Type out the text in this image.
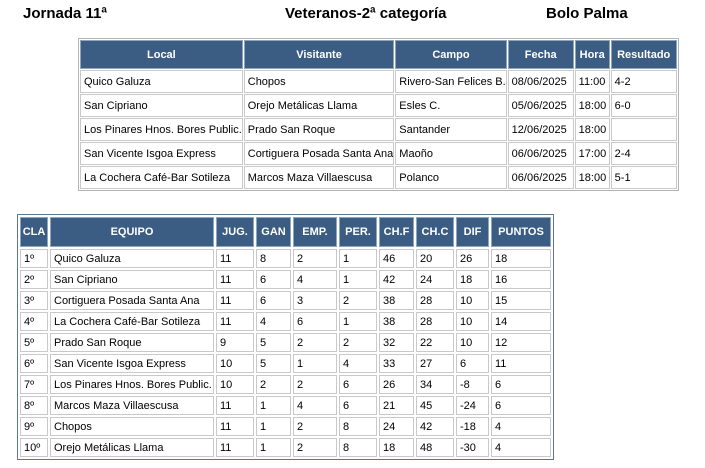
Jornada 11ª	Veteranos-2ª categoría	Bolo Palma
Local	Visitante	Campo	Fecha	Hora	Resultado
Quico Galuza	Chopos	Rivero-San Felices B.	08/06/2025	11:00	4-2
San Cipriano	Orejo Metálicas Llama	Esles C.	05/06/2025	18:00	6-0
Los Pinares Hnos. Bores Public.	Prado San Roque	Santander	12/06/2025	18:00	
San Vicente Isgoa Express	Cortiguera Posada Santa Ana	Maoño	06/06/2025	17:00	2-4
La Cochera Café-Bar Sotileza	Marcos Maza Villaescusa	Polanco	06/06/2025	18:00	5-1
CLA	EQUIPO	JUG.	GAN	EMP.	PER.	CH.F	CH.C	DIF	PUNTOS
1º	Quico Galuza	11	8	2	1	46	20	26	18
2º	San Cipriano	11	6	4	1	42	24	18	16
3º	Cortiguera Posada Santa Ana	11	6	3	2	38	28	10	15
4º	La Cochera Café-Bar Sotileza	11	4	6	1	38	28	10	14
5º	Prado San Roque	9	5	2	2	32	22	10	12
6º	San Vicente Isgoa Express	10	5	1	4	33	27	6	11
7º	Los Pinares Hnos. Bores Public.	10	2	2	6	26	34	-8	6
8º	Marcos Maza Villaescusa	11	1	4	6	21	45	-24	6
9º	Chopos	11	1	2	8	24	42	-18	4
10º	Orejo Metálicas Llama	11	1	2	8	18	48	-30	4
